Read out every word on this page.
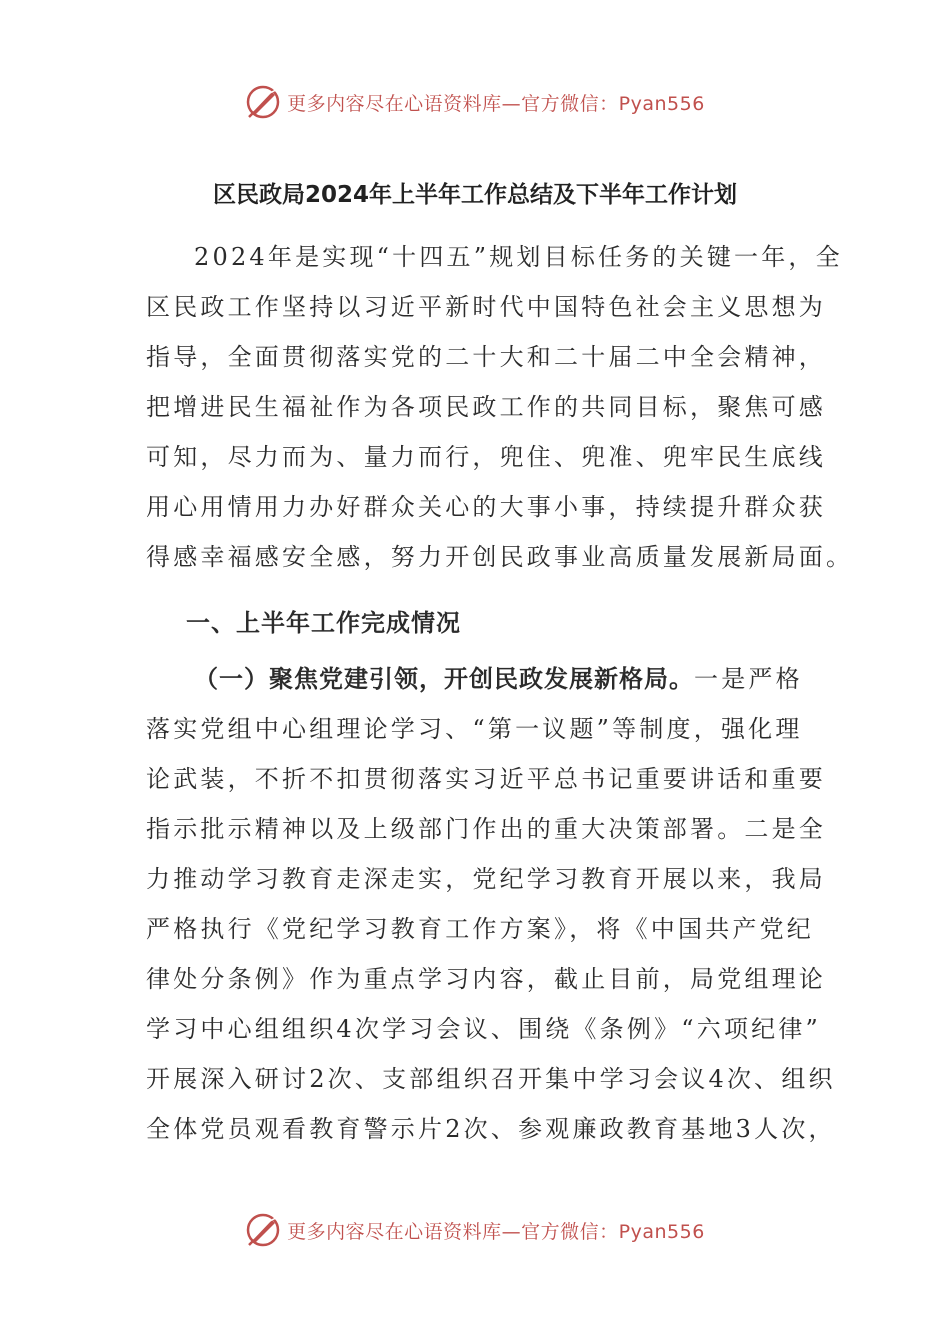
更多内容尽在心语资料库—官方微信：Pyan556
区民政局2024年上半年工作总结及下半年工作计划
2024年是实现“十四五”规划目标任务的关键一年，全
区民政工作坚持以习近平新时代中国特色社会主义思想为
指导，全面贯彻落实党的二十大和二十届二中全会精神，
把增进民生福祉作为各项民政工作的共同目标，聚焦可感
可知，尽力而为、量力而行，兜住、兜准、兜牢民生底线
用心用情用力办好群众关心的大事小事，持续提升群众获
得感幸福感安全感，努力开创民政事业高质量发展新局面。
一、上半年工作完成情况
（一）聚焦党建引领，开创民政发展新格局。一是严格
落实党组中心组理论学习、“第一议题”等制度，强化理
论武装，不折不扣贯彻落实习近平总书记重要讲话和重要
指示批示精神以及上级部门作出的重大决策部署。二是全
力推动学习教育走深走实，党纪学习教育开展以来，我局
严格执行《党纪学习教育工作方案》，将《中国共产党纪
律处分条例》作为重点学习内容，截止目前，局党组理论
学习中心组组织4次学习会议、围绕《条例》“六项纪律”
开展深入研讨2次、支部组织召开集中学习会议4次、组织
全体党员观看教育警示片2次、参观廉政教育基地3人次，
更多内容尽在心语资料库—官方微信：Pyan556
